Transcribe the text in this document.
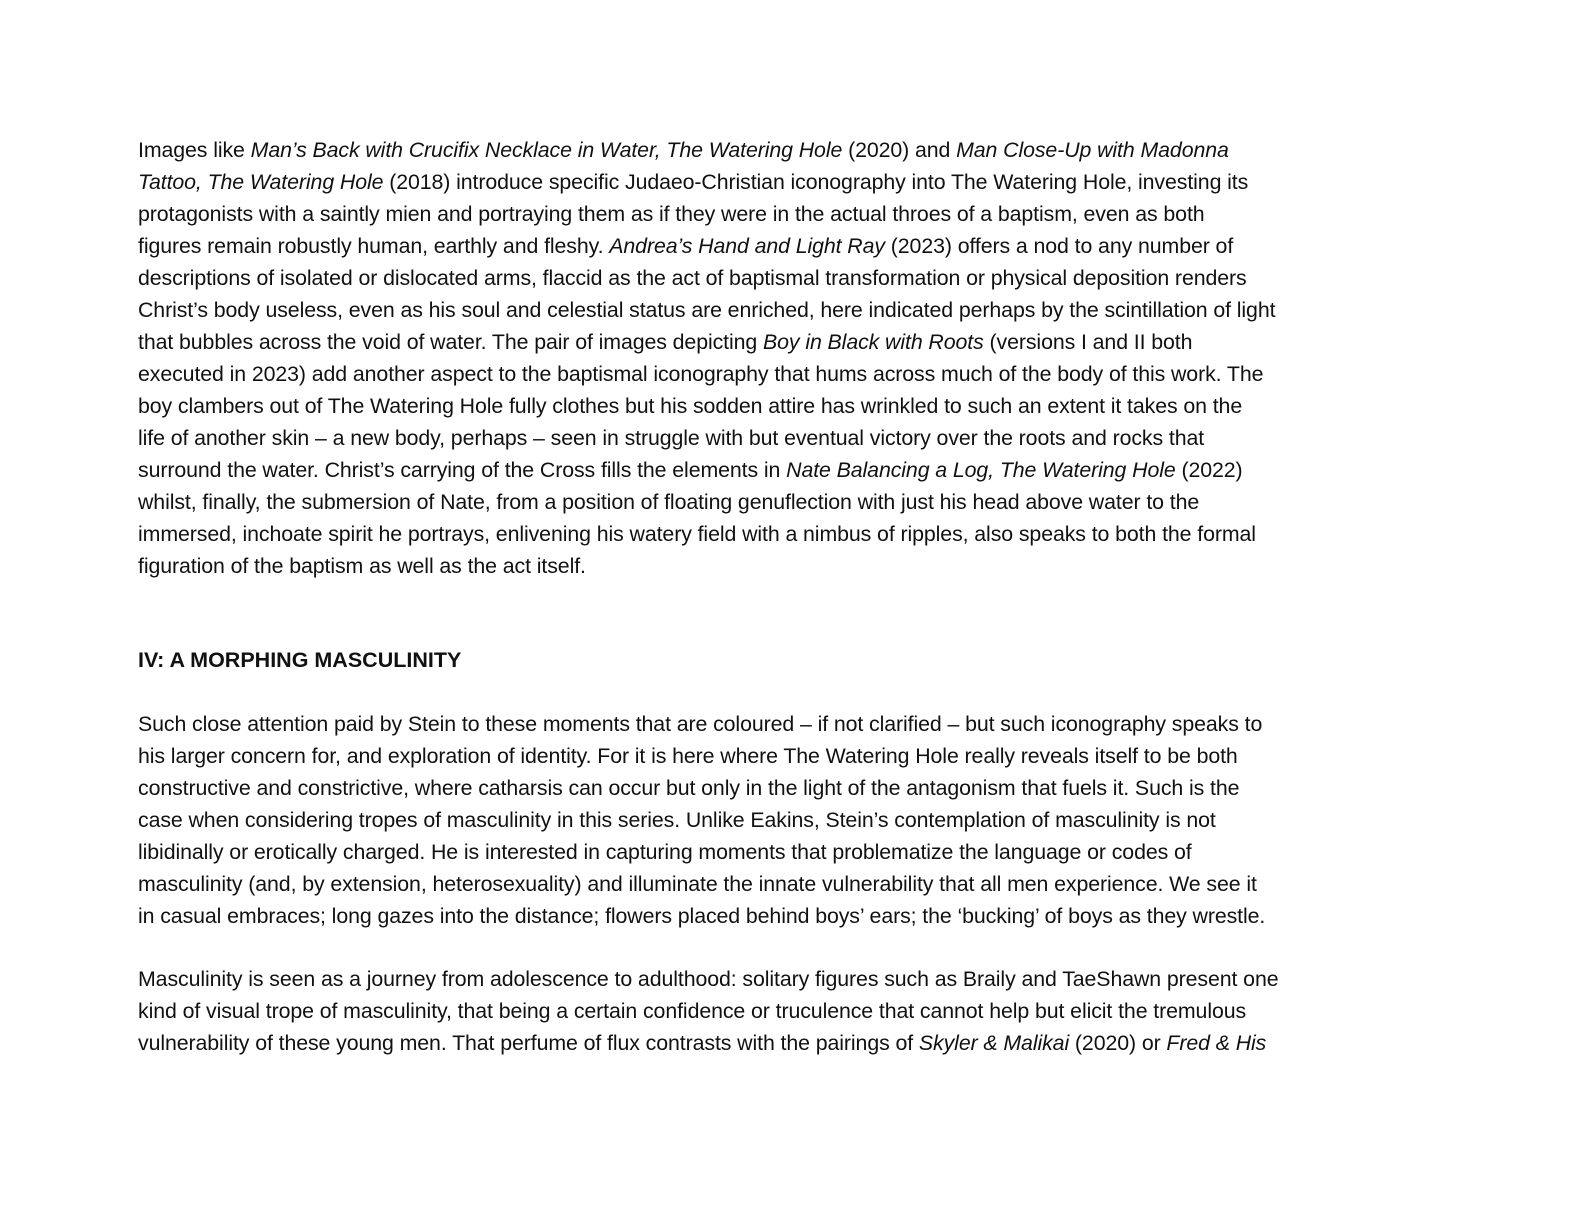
Images like Man’s Back with Crucifix Necklace in Water, The Watering Hole (2020) and Man Close-Up with Madonna
Tattoo, The Watering Hole (2018) introduce specific Judaeo-Christian iconography into The Watering Hole, investing its
protagonists with a saintly mien and portraying them as if they were in the actual throes of a baptism, even as both
figures remain robustly human, earthly and fleshy. Andrea’s Hand and Light Ray (2023) offers a nod to any number of
descriptions of isolated or dislocated arms, flaccid as the act of baptismal transformation or physical deposition renders
Christ’s body useless, even as his soul and celestial status are enriched, here indicated perhaps by the scintillation of light
that bubbles across the void of water. The pair of images depicting Boy in Black with Roots (versions I and II both
executed in 2023) add another aspect to the baptismal iconography that hums across much of the body of this work. The
boy clambers out of The Watering Hole fully clothes but his sodden attire has wrinkled to such an extent it takes on the
life of another skin – a new body, perhaps – seen in struggle with but eventual victory over the roots and rocks that
surround the water. Christ’s carrying of the Cross fills the elements in Nate Balancing a Log, The Watering Hole (2022)
whilst, finally, the submersion of Nate, from a position of floating genuflection with just his head above water to the
immersed, inchoate spirit he portrays, enlivening his watery field with a nimbus of ripples, also speaks to both the formal
figuration of the baptism as well as the act itself.
IV: A MORPHING MASCULINITY
Such close attention paid by Stein to these moments that are coloured – if not clarified – but such iconography speaks to
his larger concern for, and exploration of identity. For it is here where The Watering Hole really reveals itself to be both
constructive and constrictive, where catharsis can occur but only in the light of the antagonism that fuels it. Such is the
case when considering tropes of masculinity in this series. Unlike Eakins, Stein’s contemplation of masculinity is not
libidinally or erotically charged. He is interested in capturing moments that problematize the language or codes of
masculinity (and, by extension, heterosexuality) and illuminate the innate vulnerability that all men experience. We see it
in casual embraces; long gazes into the distance; flowers placed behind boys’ ears; the ‘bucking’ of boys as they wrestle.
Masculinity is seen as a journey from adolescence to adulthood: solitary figures such as Braily and TaeShawn present one
kind of visual trope of masculinity, that being a certain confidence or truculence that cannot help but elicit the tremulous
vulnerability of these young men. That perfume of flux contrasts with the pairings of Skyler & Malikai (2020) or Fred & His
